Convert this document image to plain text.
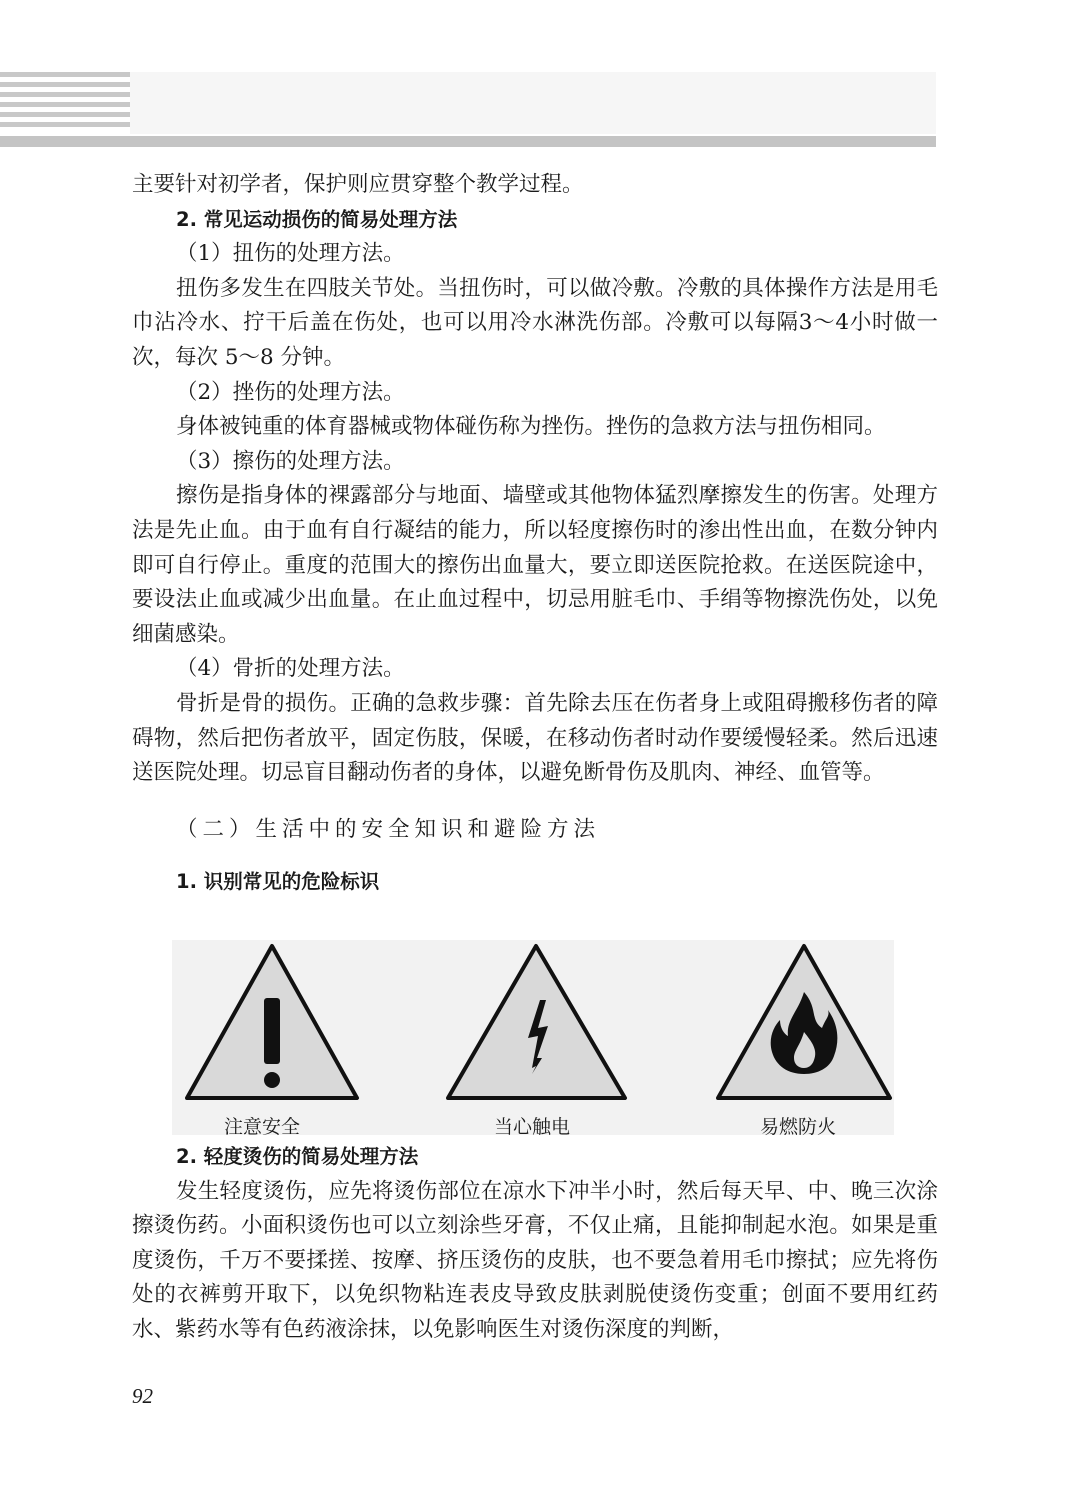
主要针对初学者，保护则应贯穿整个教学过程。
2. 常见运动损伤的简易处理方法
（1）扭伤的处理方法。
扭伤多发生在四肢关节处。当扭伤时，可以做冷敷。冷敷的具体操作方法是用毛巾沾冷水、拧干后盖在伤处，也可以用冷水淋洗伤部。冷敷可以每隔3～4小时做一次，每次 5～8 分钟。
（2）挫伤的处理方法。
身体被钝重的体育器械或物体碰伤称为挫伤。挫伤的急救方法与扭伤相同。
（3）擦伤的处理方法。
擦伤是指身体的裸露部分与地面、墙壁或其他物体猛烈摩擦发生的伤害。处理方法是先止血。由于血有自行凝结的能力，所以轻度擦伤时的渗出性出血，在数分钟内即可自行停止。重度的范围大的擦伤出血量大，要立即送医院抢救。在送医院途中，要设法止血或减少出血量。在止血过程中，切忌用脏毛巾、手绢等物擦洗伤处，以免细菌感染。
（4）骨折的处理方法。
骨折是骨的损伤。正确的急救步骤：首先除去压在伤者身上或阻碍搬移伤者的障碍物，然后把伤者放平，固定伤肢，保暖，在移动伤者时动作要缓慢轻柔。然后迅速送医院处理。切忌盲目翻动伤者的身体，以避免断骨伤及肌肉、神经、血管等。
（二）生活中的安全知识和避险方法
1. 识别常见的危险标识
注意安全	当心触电	易燃防火
2. 轻度烫伤的简易处理方法
发生轻度烫伤，应先将烫伤部位在凉水下冲半小时，然后每天早、中、晚三次涂擦烫伤药。小面积烫伤也可以立刻涂些牙膏，不仅止痛，且能抑制起水泡。如果是重度烫伤，千万不要揉搓、按摩、挤压烫伤的皮肤，也不要急着用毛巾擦拭；应先将伤处的衣裤剪开取下，以免织物粘连表皮导致皮肤剥脱使烫伤变重；创面不要用红药水、紫药水等有色药液涂抹，以免影响医生对烫伤深度的判断，
92
